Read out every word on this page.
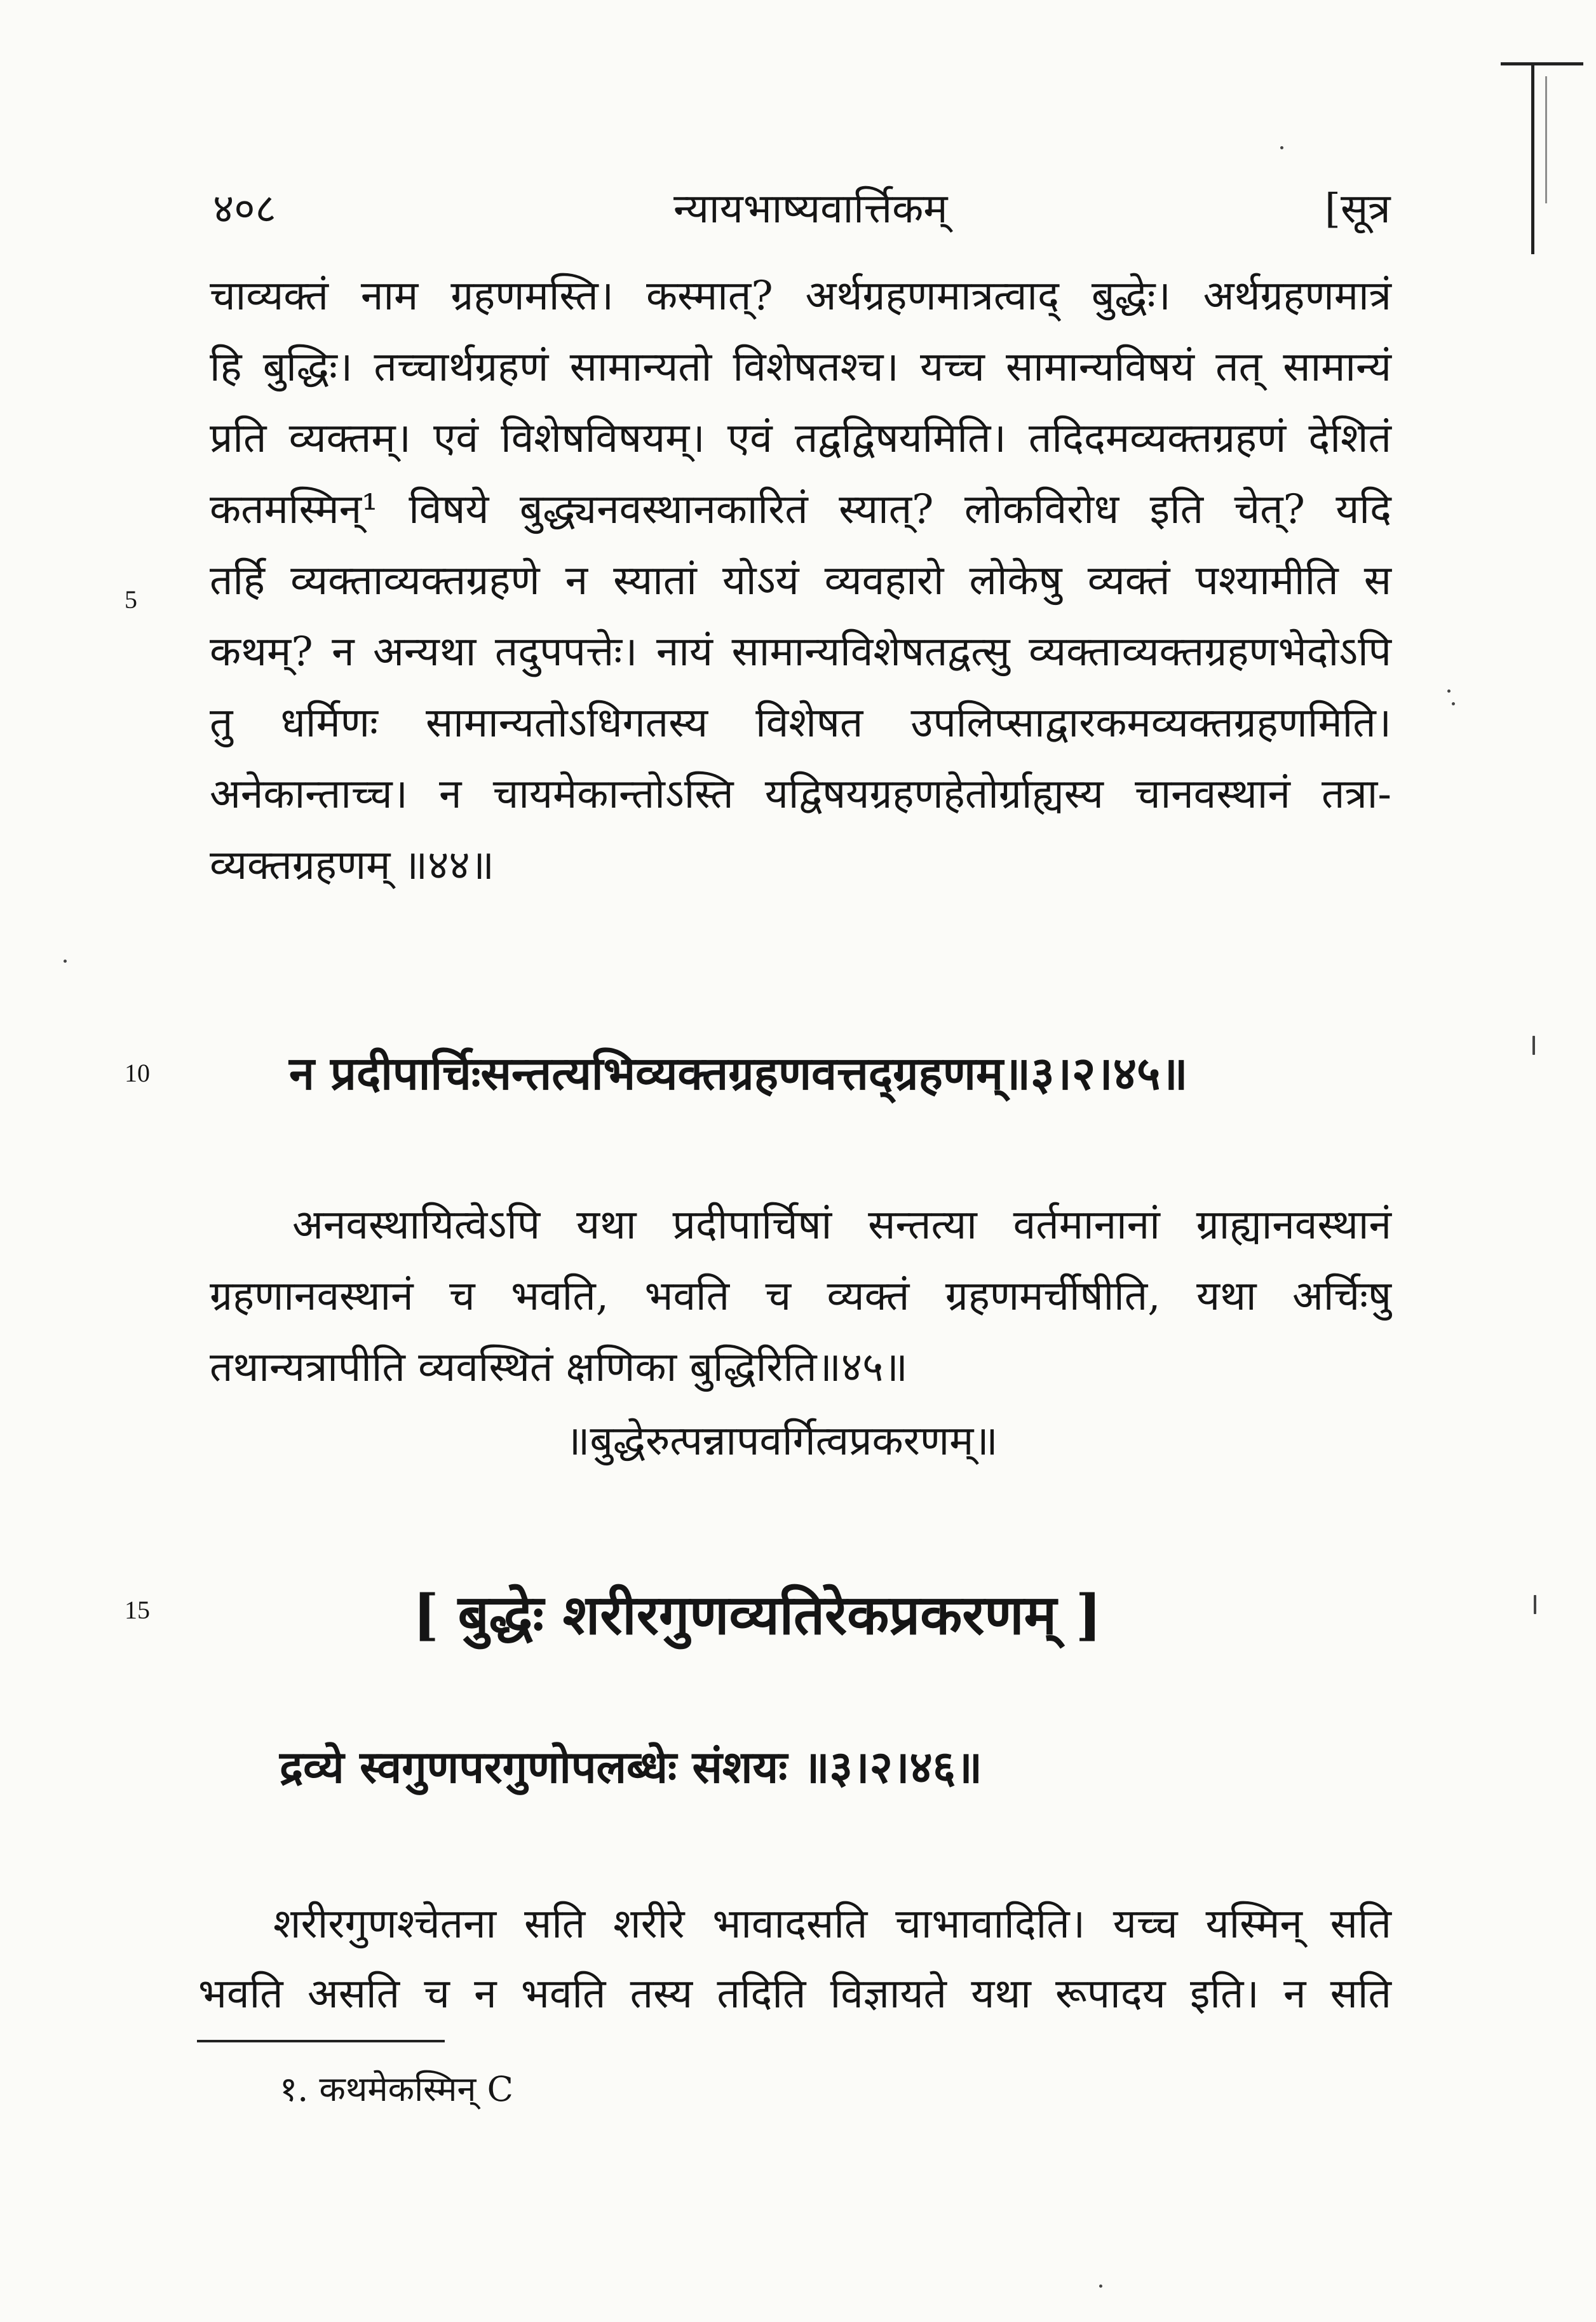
४०८	न्यायभाष्यवार्त्तिकम्	[सूत्र
चाव्यक्तं नाम ग्रहणमस्ति। कस्मात्? अर्थग्रहणमात्रत्वाद् बुद्धेः। अर्थग्रहणमात्रं
हि बुद्धिः। तच्चार्थग्रहणं सामान्यतो विशेषतश्च। यच्च सामान्यविषयं तत् सामान्यं
प्रति व्यक्तम्। एवं विशेषविषयम्। एवं तद्वद्विषयमिति। तदिदमव्यक्तग्रहणं देशितं
कतमस्मिन्¹ विषये बुद्ध्यनवस्थानकारितं स्यात्? लोकविरोध इति चेत्? यदि
तर्हि व्यक्ताव्यक्तग्रहणे न स्यातां योऽयं व्यवहारो लोकेषु व्यक्तं पश्यामीति स
कथम्? न अन्यथा तदुपपत्तेः। नायं सामान्यविशेषतद्वत्सु व्यक्ताव्यक्तग्रहणभेदोऽपि
तु धर्मिणः सामान्यतोऽधिगतस्य विशेषत उपलिप्साद्वारकमव्यक्तग्रहणमिति।
अनेकान्ताच्च। न चायमेकान्तोऽस्ति यद्विषयग्रहणहेतोर्ग्राह्यस्य चानवस्थानं तत्रा-
व्यक्तग्रहणम् ॥४४॥
5
10
15
न प्रदीपार्चिःसन्तत्यभिव्यक्तग्रहणवत्तद्ग्रहणम्॥३।२।४५॥
अनवस्थायित्वेऽपि यथा प्रदीपार्चिषां सन्तत्या वर्तमानानां ग्राह्यानवस्थानं
ग्रहणानवस्थानं च भवति, भवति च व्यक्तं ग्रहणमर्चीषीति, यथा अर्चिःषु
तथान्यत्रापीति व्यवस्थितं क्षणिका बुद्धिरिति॥४५॥
॥बुद्धेरुत्पन्नापवर्गित्वप्रकरणम्॥
[ बुद्धेः शरीरगुणव्यतिरेकप्रकरणम् ]
द्रव्ये स्वगुणपरगुणोपलब्धेः संशयः ॥३।२।४६॥
शरीरगुणश्चेतना सति शरीरे भावादसति चाभावादिति। यच्च यस्मिन् सति
भवति असति च न भवति तस्य तदिति विज्ञायते यथा रूपादय इति। न सति
१. कथमेकस्मिन् C
